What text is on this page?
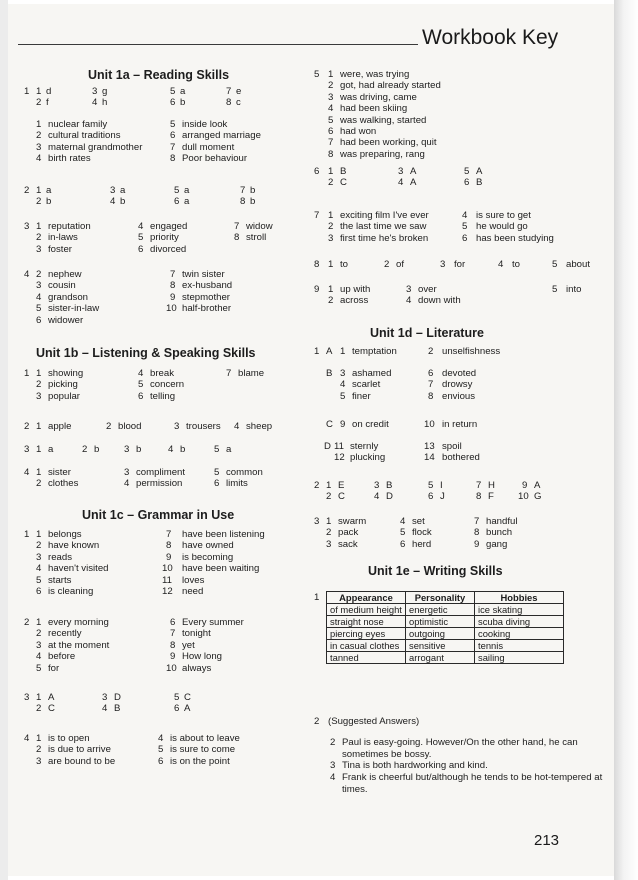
Workbook Key
Unit 1a – Reading Skills
1 1 d	3 g	5 a	7 e
2 f	4 h	6 b	8 c
1 nuclear family	5 inside look
2 cultural traditions	6 arranged marriage
3 maternal grandmother	7 dull moment
4 birth rates	8 Poor behaviour
2 1 a	3 a	5 a	7 b
2 b	4 b	6 a	8 b
3 1 reputation	4 engaged	7 widow
2 in-laws	5 priority	8 stroll
3 foster	6 divorced
4 2 nephew	7 twin sister
3 cousin	8 ex-husband
4 grandson	9 stepmother
5 sister-in-law	10 half-brother
6 widower
Unit 1b – Listening & Speaking Skills
1 1 showing	4 break	7 blame
2 picking	5 concern
3 popular	6 telling
2 1 apple	2 blood	3 trousers 4 sheep
3 1 a	2 b	3 b	4 b	5 a
4 1 sister	3 compliment	5 common
2 clothes	4 permission	6 limits
Unit 1c – Grammar in Use
1 1 belongs	7 have been listening
2 have known	8 have owned
3 reads	9 is becoming
4 haven't visited	10 have been waiting
5 starts	11 loves
6 is cleaning	12 need
2 1 every morning	6 Every summer
2 recently	7 tonight
3 at the moment	8 yet
4 before	9 How long
5 for	10 always
3 1 A	3 D	5 C
2 C	4 B	6 A
4 1 is to open	4 is about to leave
2 is due to arrive	5 is sure to come
3 are bound to be	6 is on the point
5 1 were, was trying
2 got, had already started
3 was driving, came
4 had been skiing
5 was walking, started
6 had won
7 had been working, quit
8 was preparing, rang
6 1 B	3 A	5 A
2 C	4 A	6 B
7 1 exciting film I've ever	4 is sure to get
2 the last time we saw	5 he would go
3 first time he's broken	6 has been studying
8 1 to	2 of	3 for	4 to	5 about
9 1 up with	3 over	5 into
2 across	4 down with
Unit 1d – Literature
1 A 1 temptation	2 unselfishness
B 3 ashamed	6 devoted
4 scarlet	7 drowsy
5 finer	8 envious
C 9 on credit	10 in return
D 11 sternly	13 spoil
12 plucking	14 bothered
2 1 E	3 B	5 I	7 H	9 A
2 C	4 D	6 J	8 F	10 G
3 1 swarm	4 set	7 handful
2 pack	5 flock	8 bunch
3 sack	6 herd	9 gang
Unit 1e – Writing Skills
1 Appearance	Personality	Hobbies
of medium height	energetic	ice skating
straight nose	optimistic	scuba diving
piercing eyes	outgoing	cooking
in casual clothes	sensitive	tennis
tanned	arrogant	sailing
2 (Suggested Answers)
2 Paul is easy-going. However/On the other hand, he can sometimes be bossy.
3 Tina is both hardworking and kind.
4 Frank is cheerful but/although he tends to be hot-tempered at times.
213
